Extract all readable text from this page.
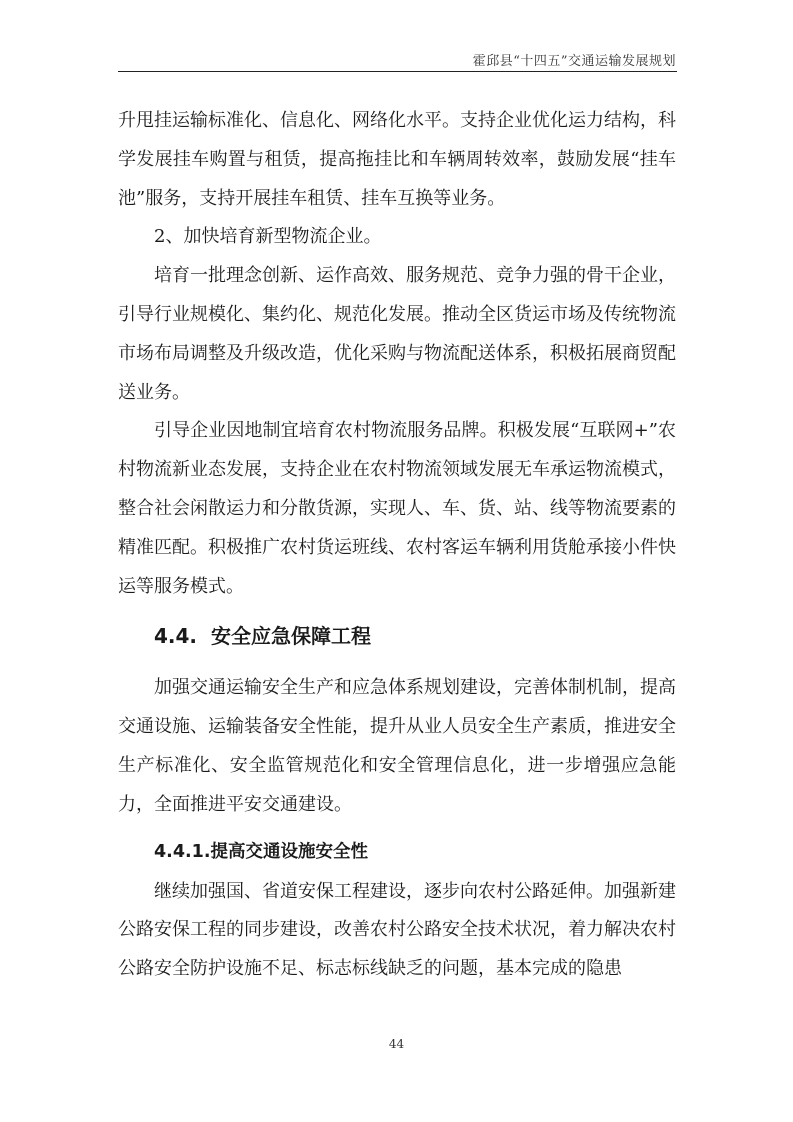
霍邱县“十四五”交通运输发展规划

升甩挂运输标准化、信息化、网络化水平。支持企业优化运力结构，科学发展挂车购置与租赁，提高拖挂比和车辆周转效率，鼓励发展“挂车池”服务，支持开展挂车租赁、挂车互换等业务。

2、加快培育新型物流企业。

培育一批理念创新、运作高效、服务规范、竞争力强的骨干企业，引导行业规模化、集约化、规范化发展。推动全区货运市场及传统物流市场布局调整及升级改造，优化采购与物流配送体系，积极拓展商贸配送业务。

引导企业因地制宜培育农村物流服务品牌。积极发展“互联网+”农村物流新业态发展，支持企业在农村物流领域发展无车承运物流模式，整合社会闲散运力和分散货源，实现人、车、货、站、线等物流要素的精准匹配。积极推广农村货运班线、农村客运车辆利用货舱承接小件快运等服务模式。

4.4. 安全应急保障工程

加强交通运输安全生产和应急体系规划建设，完善体制机制，提高交通设施、运输装备安全性能，提升从业人员安全生产素质，推进安全生产标准化、安全监管规范化和安全管理信息化，进一步增强应急能力，全面推进平安交通建设。

4.4.1.提高交通设施安全性

继续加强国、省道安保工程建设，逐步向农村公路延伸。加强新建公路安保工程的同步建设，改善农村公路安全技术状况，着力解决农村公路安全防护设施不足、标志标线缺乏的问题，基本完成的隐患

44
